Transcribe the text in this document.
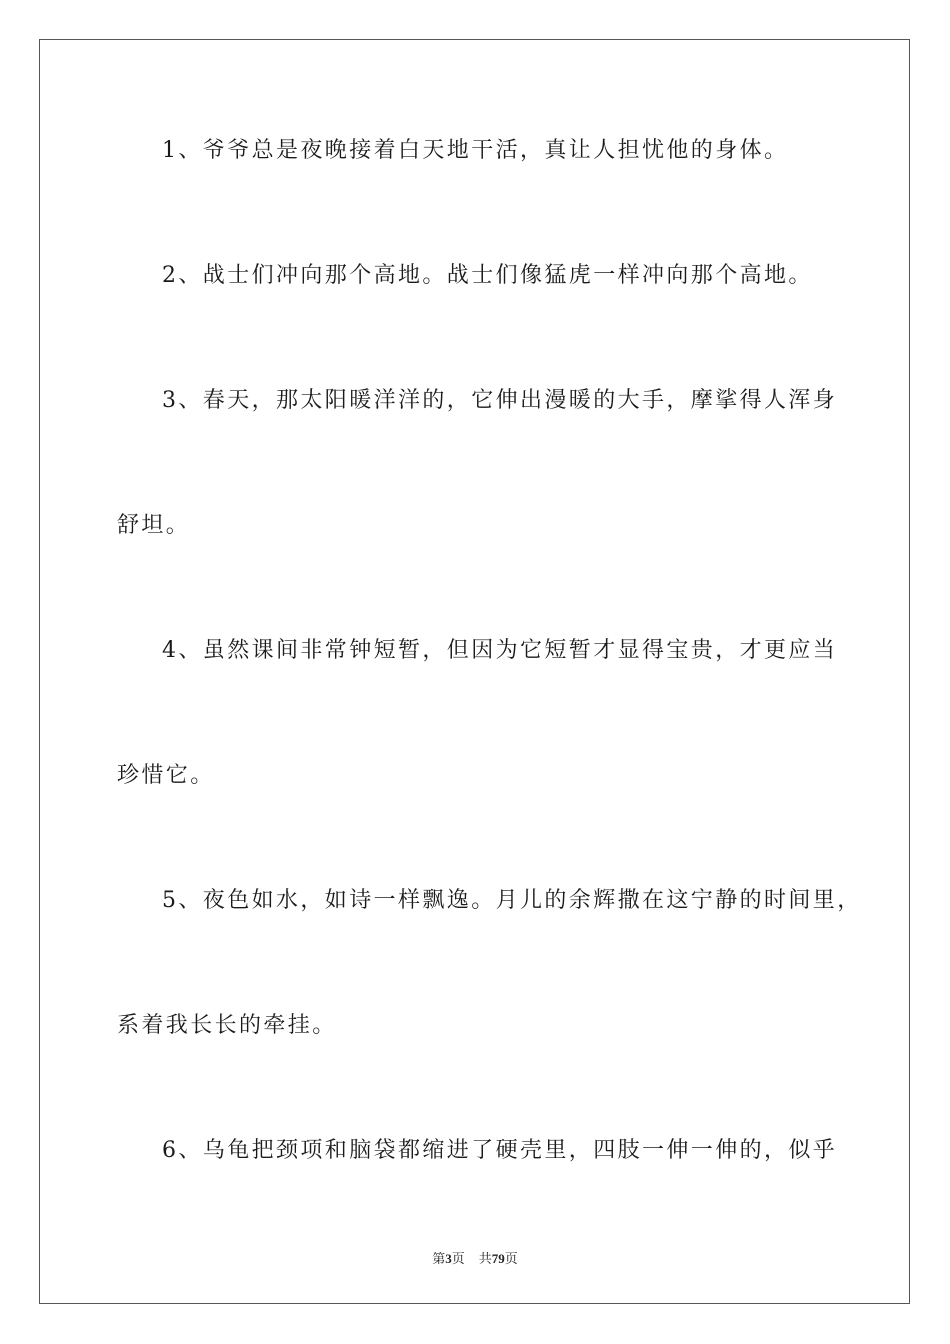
1、爷爷总是夜晚接着白天地干活，真让人担忧他的身体。
2、战士们冲向那个高地。战士们像猛虎一样冲向那个高地。
3、春天，那太阳暖洋洋的，它伸出漫暖的大手，摩挲得人浑身
舒坦。
4、虽然课间非常钟短暂，但因为它短暂才显得宝贵，才更应当
珍惜它。
5、夜色如水，如诗一样飘逸。月儿的余辉撒在这宁静的时间里，
系着我长长的牵挂。
6、乌龟把颈项和脑袋都缩进了硬壳里，四肢一伸一伸的，似乎
第3页 共79页
